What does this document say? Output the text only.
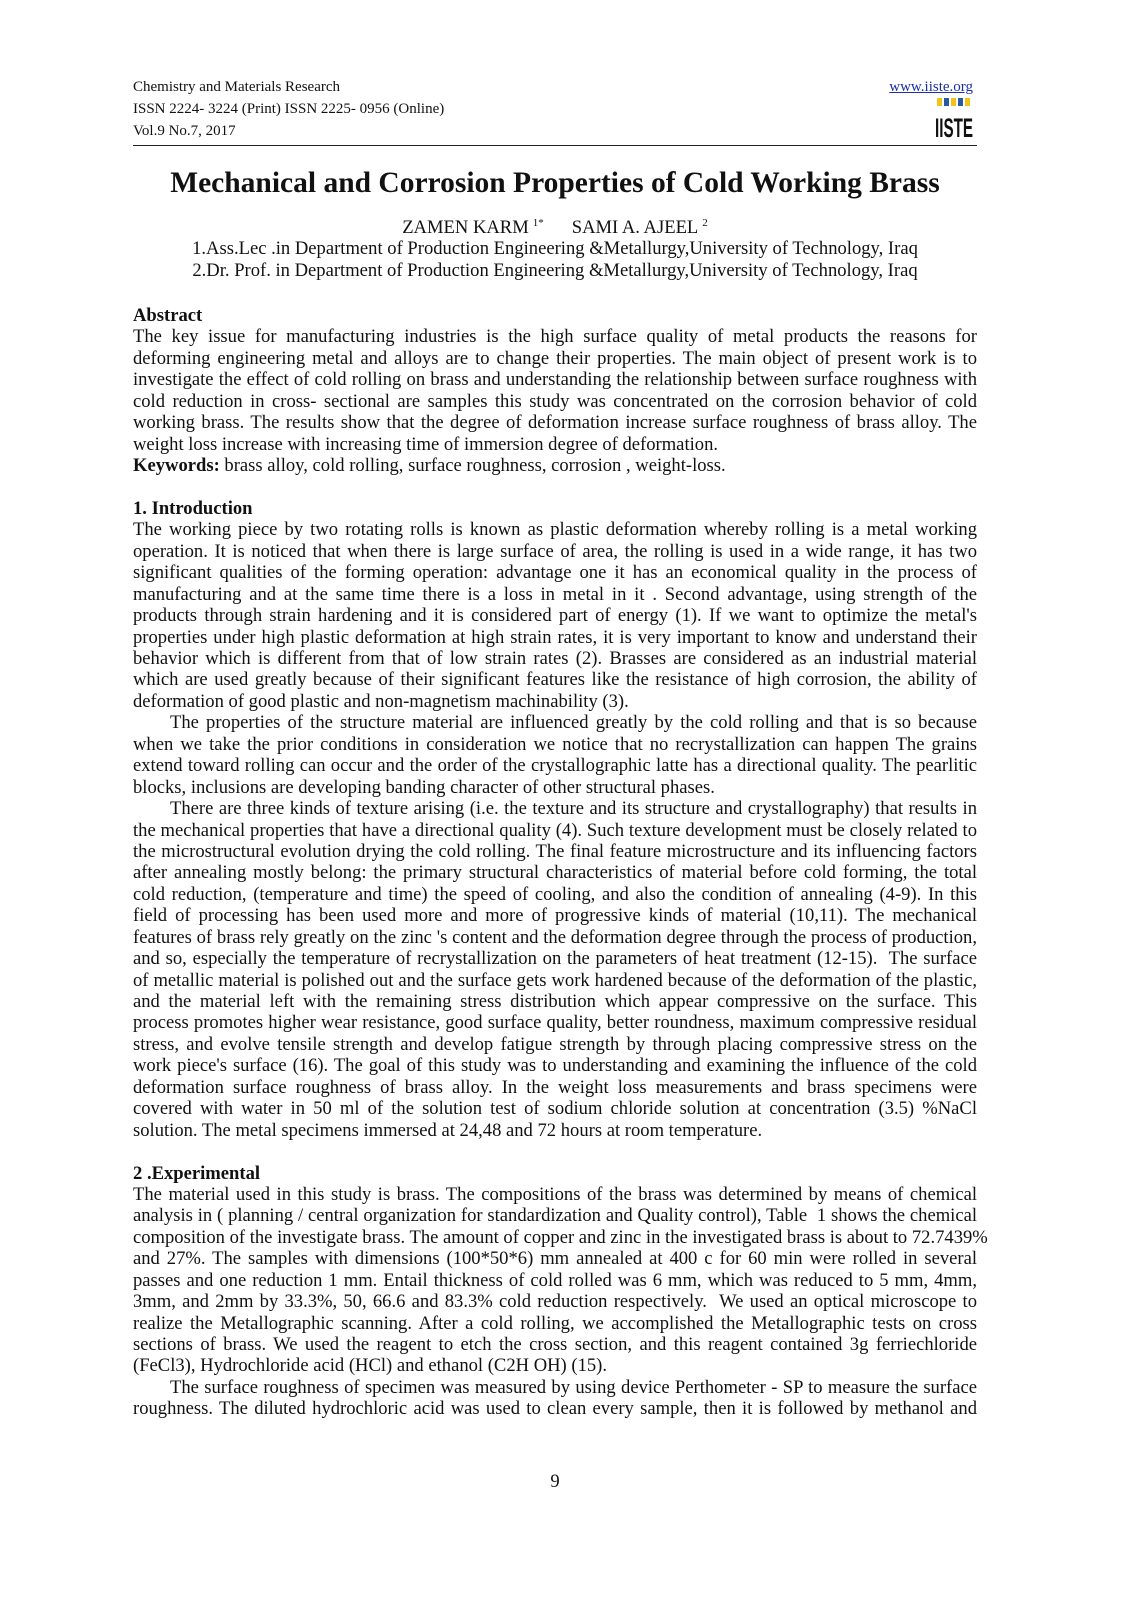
Chemistry and Materials Research
ISSN 2224- 3224 (Print) ISSN 2225- 0956 (Online)
Vol.9 No.7, 2017
www.iiste.org
IISTE
Mechanical and Corrosion Properties of Cold Working Brass
ZAMEN KARM $^{1*}$ SAMI A. AJEEL $^2$
1.Ass.Lec .in Department of Production Engineering &Metallurgy,University of Technology, Iraq
2.Dr. Prof. in Department of Production Engineering &Metallurgy,University of Technology, Iraq
Abstract
The key issue for manufacturing industries is the high surface quality of metal products the reasons for
deforming engineering metal and alloys are to change their properties. The main object of present work is to
investigate the effect of cold rolling on brass and understanding the relationship between surface roughness with
cold reduction in cross- sectional are samples this study was concentrated on the corrosion behavior of cold
working brass. The results show that the degree of deformation increase surface roughness of brass alloy. The
weight loss increase with increasing time of immersion degree of deformation.
Keywords: brass alloy, cold rolling, surface roughness, corrosion , weight-loss.
1. Introduction
The working piece by two rotating rolls is known as plastic deformation whereby rolling is a metal working
operation. It is noticed that when there is large surface of area, the rolling is used in a wide range, it has two
significant qualities of the forming operation: advantage one it has an economical quality in the process of
manufacturing and at the same time there is a loss in metal in it . Second advantage, using strength of the
products through strain hardening and it is considered part of energy (1). If we want to optimize the metal's
properties under high plastic deformation at high strain rates, it is very important to know and understand their
behavior which is different from that of low strain rates (2). Brasses are considered as an industrial material
which are used greatly because of their significant features like the resistance of high corrosion, the ability of
deformation of good plastic and non-magnetism machinability (3).
The properties of the structure material are influenced greatly by the cold rolling and that is so because
when we take the prior conditions in consideration we notice that no recrystallization can happen The grains
extend toward rolling can occur and the order of the crystallographic latte has a directional quality. The pearlitic
blocks, inclusions are developing banding character of other structural phases.
There are three kinds of texture arising (i.e. the texture and its structure and crystallography) that results in
the mechanical properties that have a directional quality (4). Such texture development must be closely related to
the microstructural evolution drying the cold rolling. The final feature microstructure and its influencing factors
after annealing mostly belong: the primary structural characteristics of material before cold forming, the total
cold reduction, (temperature and time) the speed of cooling, and also the condition of annealing (4-9). In this
field of processing has been used more and more of progressive kinds of material (10,11). The mechanical
features of brass rely greatly on the zinc 's content and the deformation degree through the process of production,
and so, especially the temperature of recrystallization on the parameters of heat treatment (12-15).  The surface
of metallic material is polished out and the surface gets work hardened because of the deformation of the plastic,
and the material left with the remaining stress distribution which appear compressive on the surface. This
process promotes higher wear resistance, good surface quality, better roundness, maximum compressive residual
stress, and evolve tensile strength and develop fatigue strength by through placing compressive stress on the
work piece's surface (16). The goal of this study was to understanding and examining the influence of the cold
deformation surface roughness of brass alloy. In the weight loss measurements and brass specimens were
covered with water in 50 ml of the solution test of sodium chloride solution at concentration (3.5) %NaCl
solution. The metal specimens immersed at 24,48 and 72 hours at room temperature.
2 .Experimental
The material used in this study is brass. The compositions of the brass was determined by means of chemical
analysis in ( planning / central organization for standardization and Quality control), Table  1 shows the chemical
composition of the investigate brass. The amount of copper and zinc in the investigated brass is about to 72.7439%
and 27%. The samples with dimensions (100*50*6) mm annealed at 400 c for 60 min were rolled in several
passes and one reduction 1 mm. Entail thickness of cold rolled was 6 mm, which was reduced to 5 mm, 4mm,
3mm, and 2mm by 33.3%, 50, 66.6 and 83.3% cold reduction respectively.  We used an optical microscope to
realize the Metallographic scanning. After a cold rolling, we accomplished the Metallographic tests on cross
sections of brass. We used the reagent to etch the cross section, and this reagent contained 3g ferriechloride
(FeCl3), Hydrochloride acid (HCl) and ethanol (C2H OH) (15).
The surface roughness of specimen was measured by using device Perthometer - SP to measure the surface
roughness. The diluted hydrochloric acid was used to clean every sample, then it is followed by methanol and
9
